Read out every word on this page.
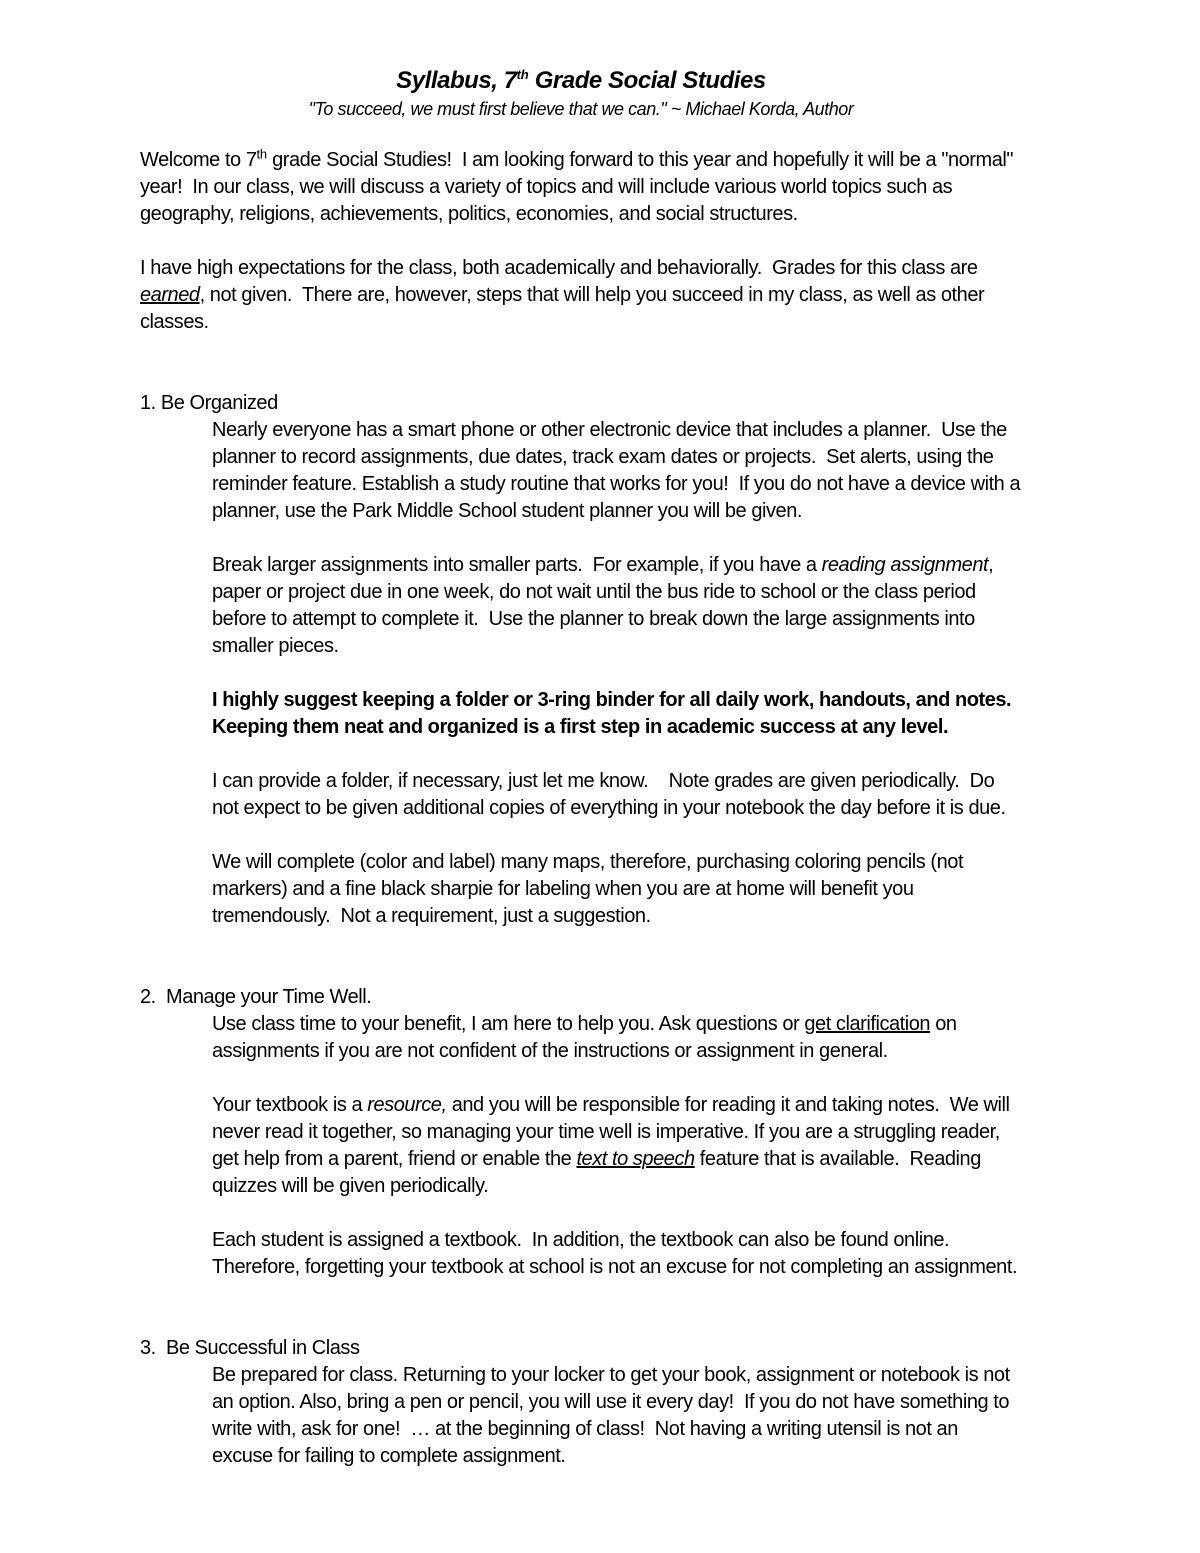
Syllabus, 7th Grade Social Studies

"To succeed, we must first believe that we can." ~ Michael Korda, Author

Welcome to 7th grade Social Studies!  I am looking forward to this year and hopefully it will be a "normal" year!  In our class, we will discuss a variety of topics and will include various world topics such as geography, religions, achievements, politics, economies, and social structures.

I have high expectations for the class, both academically and behaviorally.  Grades for this class are earned, not given.  There are, however, steps that will help you succeed in my class, as well as other classes.

1. Be Organized

Nearly everyone has a smart phone or other electronic device that includes a planner.  Use the planner to record assignments, due dates, track exam dates or projects.  Set alerts, using the reminder feature. Establish a study routine that works for you!  If you do not have a device with a planner, use the Park Middle School student planner you will be given.

Break larger assignments into smaller parts.  For example, if you have a reading assignment, paper or project due in one week, do not wait until the bus ride to school or the class period before to attempt to complete it.  Use the planner to break down the large assignments into smaller pieces.

I highly suggest keeping a folder or 3-ring binder for all daily work, handouts, and notes. Keeping them neat and organized is a first step in academic success at any level.

I can provide a folder, if necessary, just let me know.    Note grades are given periodically.  Do not expect to be given additional copies of everything in your notebook the day before it is due.

We will complete (color and label) many maps, therefore, purchasing coloring pencils (not markers) and a fine black sharpie for labeling when you are at home will benefit you tremendously.  Not a requirement, just a suggestion.

2.  Manage your Time Well.

Use class time to your benefit, I am here to help you. Ask questions or get clarification on assignments if you are not confident of the instructions or assignment in general.

Your textbook is a resource, and you will be responsible for reading it and taking notes.  We will never read it together, so managing your time well is imperative. If you are a struggling reader, get help from a parent, friend or enable the text to speech feature that is available.  Reading quizzes will be given periodically.

Each student is assigned a textbook.  In addition, the textbook can also be found online.  Therefore, forgetting your textbook at school is not an excuse for not completing an assignment.

3.  Be Successful in Class

Be prepared for class. Returning to your locker to get your book, assignment or notebook is not an option. Also, bring a pen or pencil, you will use it every day!  If you do not have something to write with, ask for one!  … at the beginning of class!  Not having a writing utensil is not an excuse for failing to complete assignment.
